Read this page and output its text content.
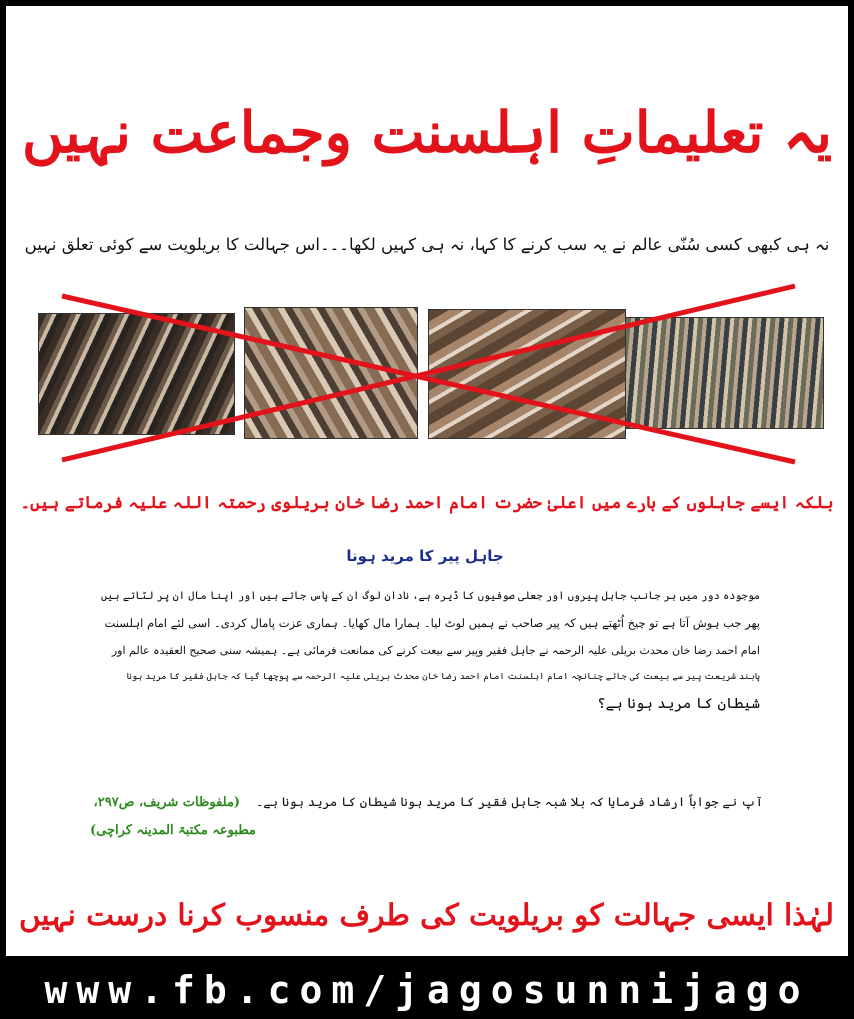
یہ تعلیماتِ اہلسنت وجماعت نہیں
نہ ہی کبھی کسی سُنّی عالم نے یہ سب کرنے کا کہا، نہ ہی کہیں لکھا۔۔۔اس جہالت کا بریلویت سے کوئی تعلق نہیں
بلکہ ایسے جاہلوں کے بارے میں اعلیٰ حضرت امام احمد رضا خان بریلوی رحمتہ اللہ علیہ فرماتے ہیں۔
جاہل پیر کا مرید ہونا
موجودہ دور میں ہر جانب جاہل پیروں اور جعلی صوفیوں کا ڈیرہ ہے، نادان لوگ ان کے پاس جاتے ہیں اور اپنا مال ان پر لٹاتے ہیں
پھر جب ہوش آتا ہے تو چیخ اُٹھتے ہیں کہ پیر صاحب نے ہمیں لوٹ لیا۔ ہمارا مال کھایا۔ ہماری عزت پامال کردی۔ اسی لئے امام اہلسنت
امام احمد رضا خان محدث بریلی علیہ الرحمہ نے جاہل فقیر وپیر سے بیعت کرنے کی ممانعت فرمائی ہے۔ ہمیشہ سنی صحیح العقیدہ عالم اور
پابند شریعت پیر سے بیعت کی جائے چنانچہ امام اہلسنت امام احمد رضا خان محدث بریلی علیہ الرحمہ سے پوچھا گیا کہ جاہل فقیر کا مرید ہونا
شیطان کا مرید ہونا ہے؟
آپ نے جواباً ارشاد فرمایا کہ بلا شبہ جاہل فقیر کا مرید ہونا شیطان کا مرید ہونا ہے۔    (ملفوظات شریف، ص۲۹۷،
مطبوعہ مکتبۃ المدینہ کراچی)
لہٰذا ایسی جہالت کو بریلویت کی طرف منسوب کرنا درست نہیں
www.fb.com/jagosunnijago
